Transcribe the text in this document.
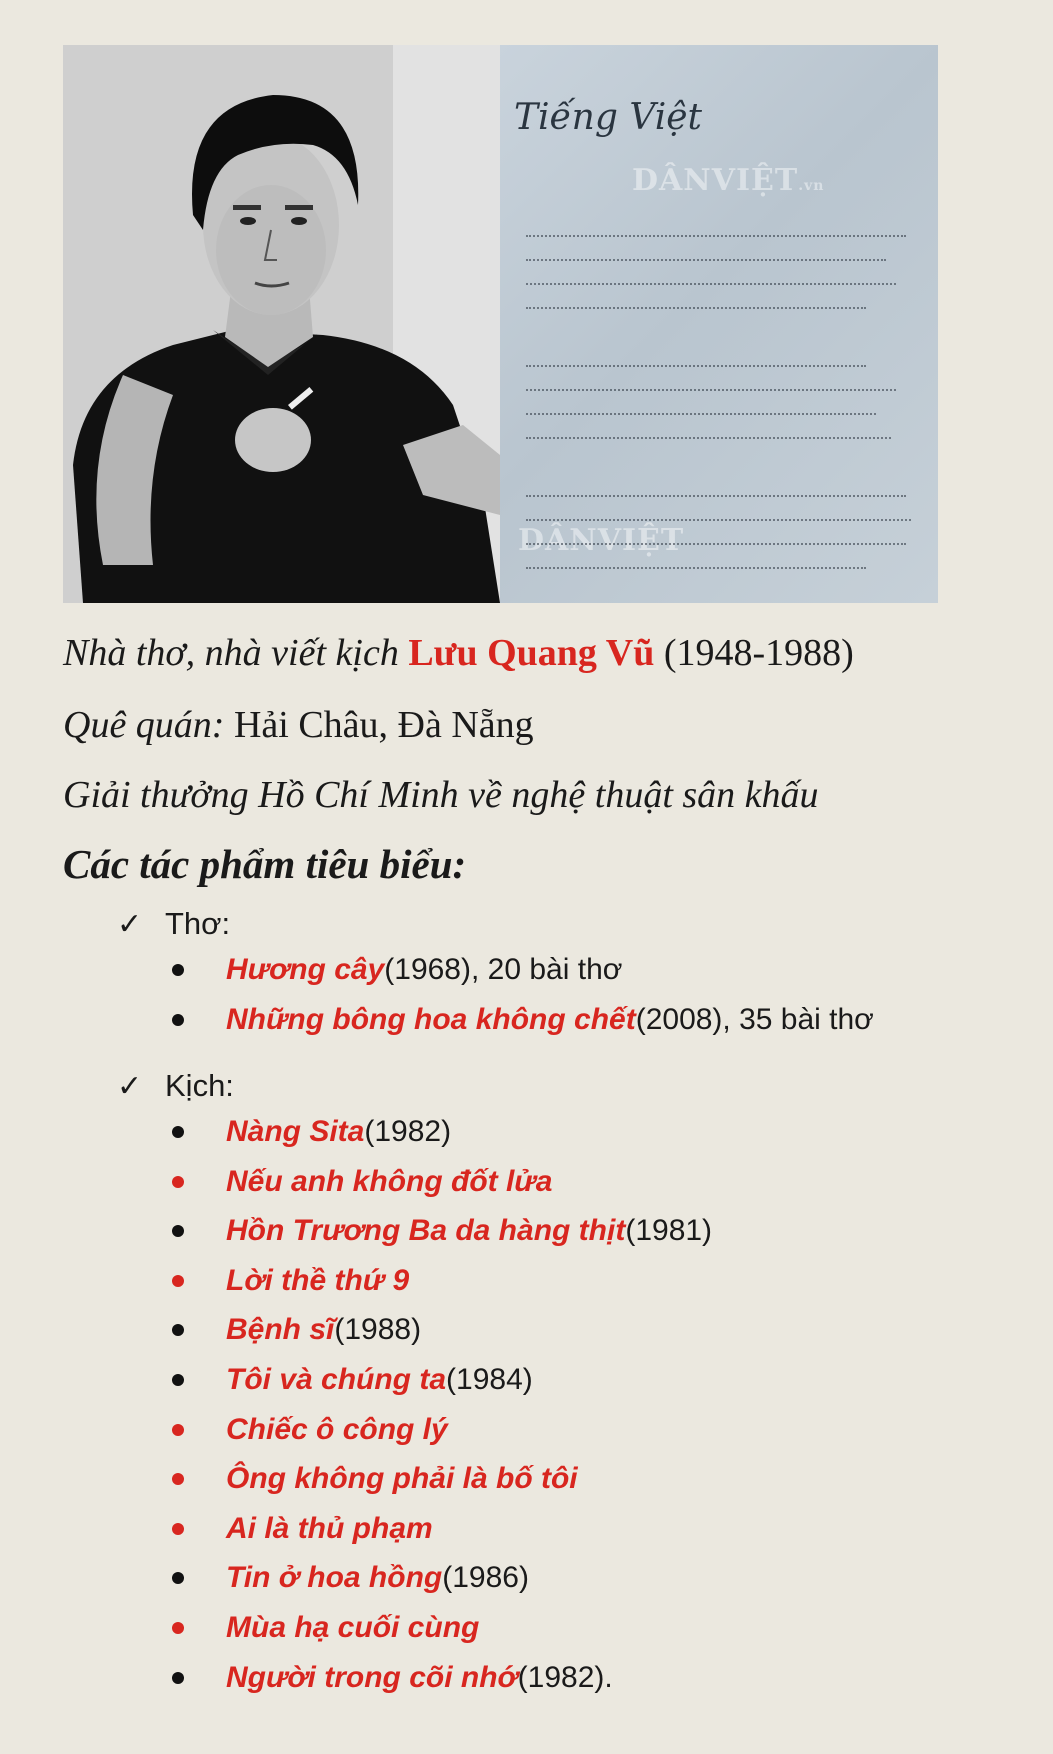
Tiếng Việt
DÂNVIỆT.vn
DÂNVIỆT
Nhà thơ, nhà viết kịch Lưu Quang Vũ (1948-1988)
Quê quán: Hải Châu, Đà Nẵng
Giải thưởng Hồ Chí Minh về nghệ thuật sân khấu
Các tác phẩm tiêu biểu:
✓ Thơ:
Hương cây (1968), 20 bài thơ
Những bông hoa không chết (2008), 35 bài thơ
✓ Kịch:
Nàng Sita (1982)
Nếu anh không đốt lửa
Hồn Trương Ba da hàng thịt (1981)
Lời thề thứ 9
Bệnh sĩ (1988)
Tôi và chúng ta (1984)
Chiếc ô công lý
Ông không phải là bố tôi
Ai là thủ phạm
Tin ở hoa hồng (1986)
Mùa hạ cuối cùng
Người trong cõi nhớ (1982).
